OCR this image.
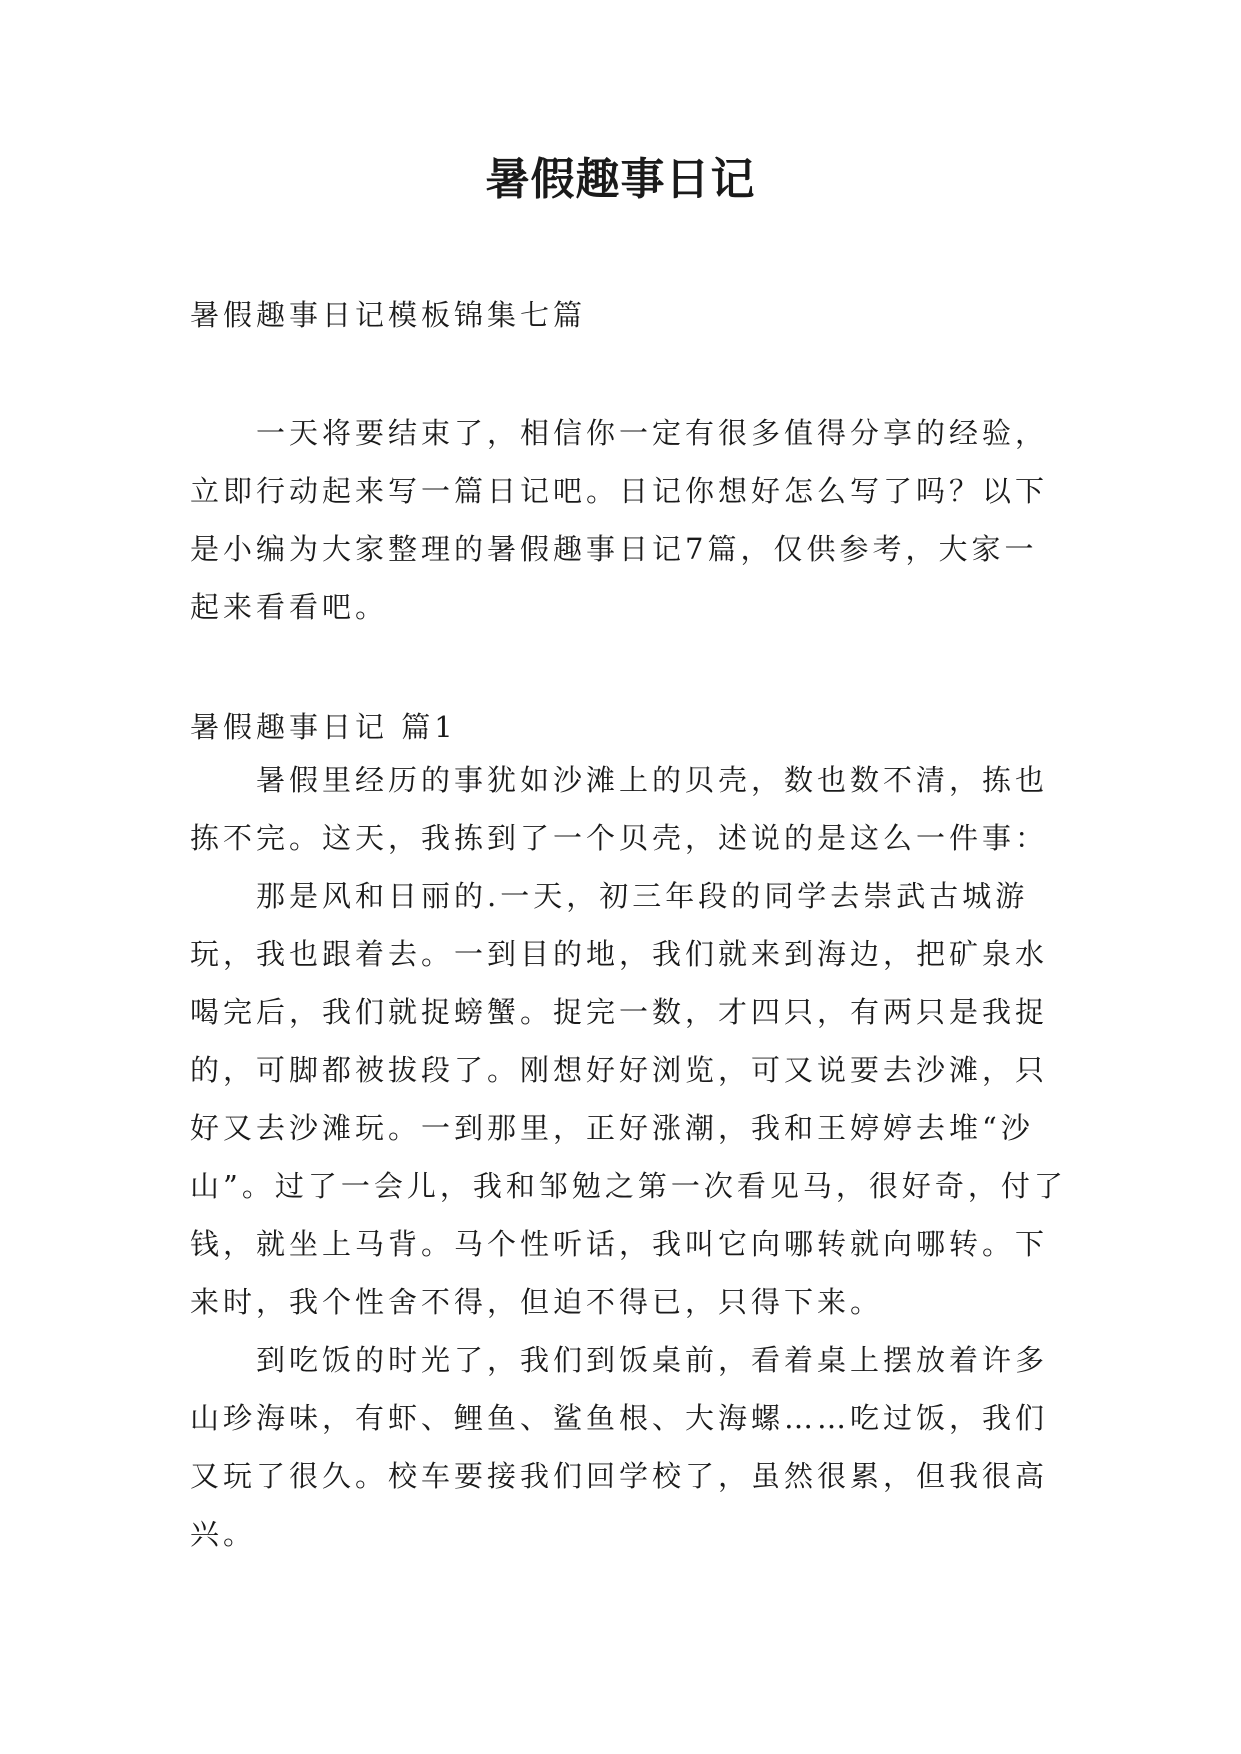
暑假趣事日记

暑假趣事日记模板锦集七篇

一天将要结束了，相信你一定有很多值得分享的经验，立即行动起来写一篇日记吧。日记你想好怎么写了吗？以下是小编为大家整理的暑假趣事日记7篇，仅供参考，大家一起来看看吧。

暑假趣事日记 篇1

暑假里经历的事犹如沙滩上的贝壳，数也数不清，拣也拣不完。这天，我拣到了一个贝壳，述说的是这么一件事：

那是风和日丽的.一天，初三年段的同学去崇武古城游玩，我也跟着去。一到目的地，我们就来到海边，把矿泉水喝完后，我们就捉螃蟹。捉完一数，才四只，有两只是我捉的，可脚都被拔段了。刚想好好浏览，可又说要去沙滩，只好又去沙滩玩。一到那里，正好涨潮，我和王婷婷去堆“沙山”。过了一会儿，我和邹勉之第一次看见马，很好奇，付了钱，就坐上马背。马个性听话，我叫它向哪转就向哪转。下来时，我个性舍不得，但迫不得已，只得下来。

到吃饭的时光了，我们到饭桌前，看着桌上摆放着许多山珍海味，有虾、鲤鱼、鲨鱼根、大海螺……吃过饭，我们又玩了很久。校车要接我们回学校了，虽然很累，但我很高兴。
